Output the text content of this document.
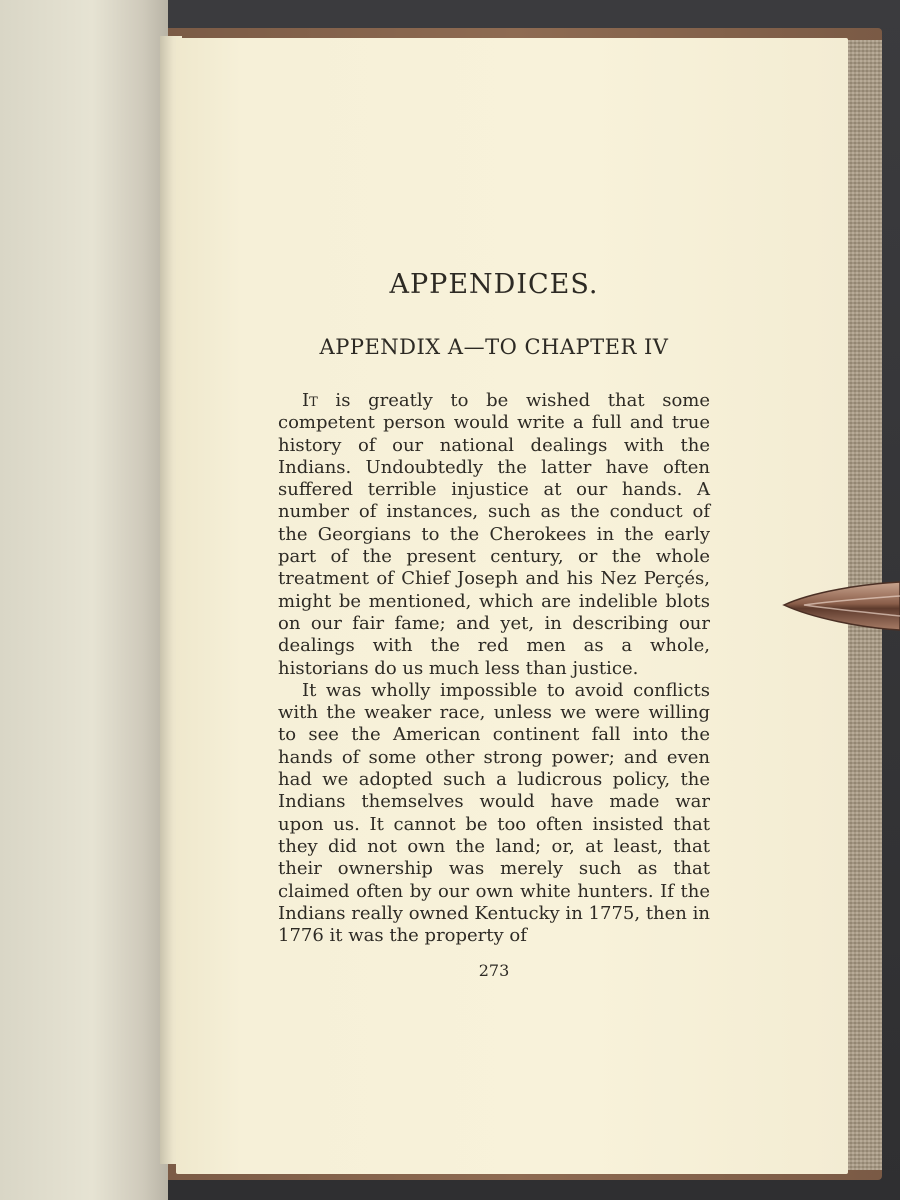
APPENDICES.
APPENDIX A—TO CHAPTER IV

It is greatly to be wished that some competent person would write a full and true history of our national dealings with the Indians. Undoubtedly the latter have often suffered terrible injustice at our hands. A number of instances, such as the conduct of the Georgians to the Cherokees in the early part of the present century, or the whole treatment of Chief Joseph and his Nez Perçés, might be mentioned, which are indelible blots on our fair fame; and yet, in describing our dealings with the red men as a whole, historians do us much less than justice.

It was wholly impossible to avoid conflicts with the weaker race, unless we were willing to see the American continent fall into the hands of some other strong power; and even had we adopted such a ludicrous policy, the Indians themselves would have made war upon us. It cannot be too often insisted that they did not own the land; or, at least, that their ownership was merely such as that claimed often by our own white hunters. If the Indians really owned Kentucky in 1775, then in 1776 it was the property of

273
